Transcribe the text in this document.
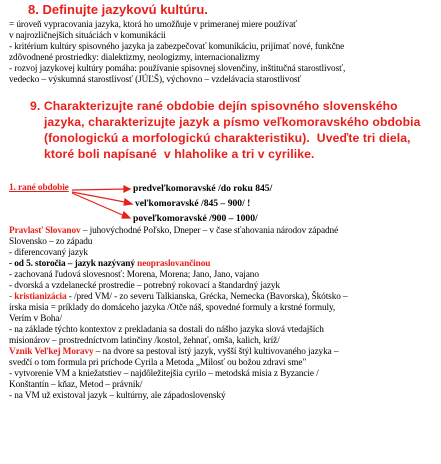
8. Definujte jazykovú kultúru.
= úroveň vypracovania jazyka, ktorá ho umožňuje v primeranej miere používať
v najrozličnejších situáciách v komunikácii
- kritérium kultúry spisovného jazyka ja zabezpečovať komunikáciu, prijímať nové, funkčne
zdôvodnené prostriedky: dialektizmy, neologizmy, internacionalizmy
- rozvoj jazykovej kultúry pomáha: používanie spisovnej slovenčiny, inštitučná starostlivosť,
vedecko – výskumná starostlivosť (JÚĽŠ), výchovno – vzdelávacia starostlivosť
9. Charakterizujte rané obdobie dejín spisovného slovenského
jazyka, charakterizujte jazyk a písmo veľkomoravského obdobia
(fonologickú a morfologickú charakteristiku).  Uveďte tri diela,
ktoré boli napísané  v hlaholike a tri v cyrilike.
1. rané obdobie	predveľkomoravské /do roku 845/
veľkomoravské /845 – 900/ !
poveľkomoravské /900 – 1000/
Pravlasť Slovanov – juhovýchodné Poľsko, Dneper – v čase sťahovania národov západné
Slovensko – zo západu
- diferencovaný jazyk
- od 5. storočia – jazyk nazývaný neopraslovančinou
- zachovaná ľudová slovesnosť: Morena, Morena; Jano, Jano, vajano
- dvorská a vzdelanecké prostredie – potrebný rokovací a štandardný jazyk
- kristianizácia - /pred VM/ - zo severu Talkianska, Grécka, Nemecka (Bavorska), Škótsko –
írska misia = príklady do domáceho jazyka /Otče náš, spovedné formuly a krstné formuly,
Verím v Boha/
- na základe týchto kontextov z prekladania sa dostali do nášho jazyka slová vtedajších
misionárov – prostredníctvom latinčiny /kostol, žehnať, omša, kalich, kríž/
Vznik Veľkej Moravy – na dvore sa pestoval istý jazyk, vyšší štýl kultivovaného jazyka –
svedčí o tom formula pri príchode Cyrila a Metoda „Milosť ou božou zdravi sme"
- vytvorenie VM a kniežatstiev – najdôležitejšia cyrilo – metodská misia z Byzancie /
Konštantín – kňaz, Metod – právnik/
- na VM už existoval jazyk – kultúrny, ale západoslovenský
